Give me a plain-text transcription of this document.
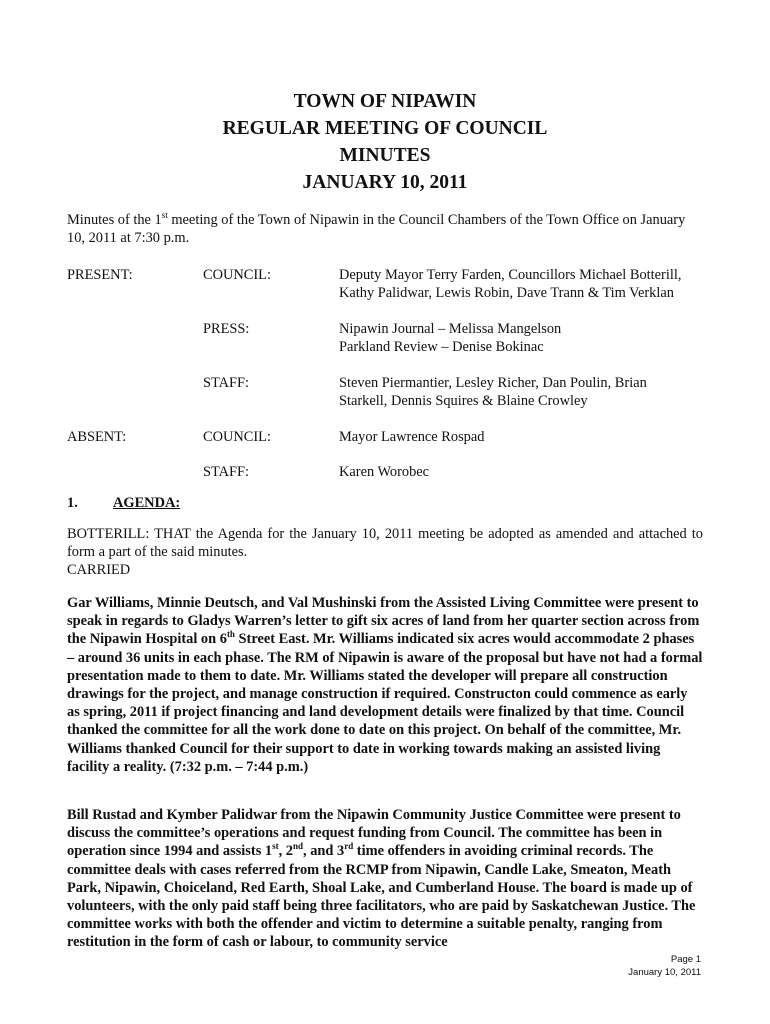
TOWN OF NIPAWIN
REGULAR MEETING OF COUNCIL
MINUTES
JANUARY 10, 2011
Minutes of the 1st meeting of the Town of Nipawin in the Council Chambers of the Town Office on January 10, 2011 at 7:30 p.m.
PRESENT:	COUNCIL:	Deputy Mayor Terry Farden, Councillors Michael Botterill,
Kathy Palidwar, Lewis Robin, Dave Trann & Tim Verklan
PRESS:	Nipawin Journal – Melissa Mangelson
Parkland Review – Denise Bokinac
STAFF:	Steven Piermantier, Lesley Richer, Dan Poulin, Brian
Starkell, Dennis Squires & Blaine Crowley
ABSENT:	COUNCIL:	Mayor Lawrence Rospad
STAFF:	Karen Worobec
1. AGENDA:
BOTTERILL: THAT the Agenda for the January 10, 2011 meeting be adopted as amended and attached to form a part of the said minutes.
CARRIED
Gar Williams, Minnie Deutsch, and Val Mushinski from the Assisted Living Committee were present to speak in regards to Gladys Warren’s letter to gift six acres of land from her quarter section across from the Nipawin Hospital on 6th Street East. Mr. Williams indicated six acres would accommodate 2 phases – around 36 units in each phase. The RM of Nipawin is aware of the proposal but have not had a formal presentation made to them to date. Mr. Williams stated the developer will prepare all construction drawings for the project, and manage construction if required. Constructon could commence as early as spring, 2011 if project financing and land development details were finalized by that time. Council thanked the committee for all the work done to date on this project. On behalf of the committee, Mr. Williams thanked Council for their support to date in working towards making an assisted living facility a reality. (7:32 p.m. – 7:44 p.m.)
Bill Rustad and Kymber Palidwar from the Nipawin Community Justice Committee were present to discuss the committee’s operations and request funding from Council. The committee has been in operation since 1994 and assists 1st, 2nd, and 3rd time offenders in avoiding criminal records. The committee deals with cases referred from the RCMP from Nipawin, Candle Lake, Smeaton, Meath Park, Nipawin, Choiceland, Red Earth, Shoal Lake, and Cumberland House. The board is made up of volunteers, with the only paid staff being three facilitators, who are paid by Saskatchewan Justice. The committee works with both the offender and victim to determine a suitable penalty, ranging from restitution in the form of cash or labour, to community service
Page 1
January 10, 2011
